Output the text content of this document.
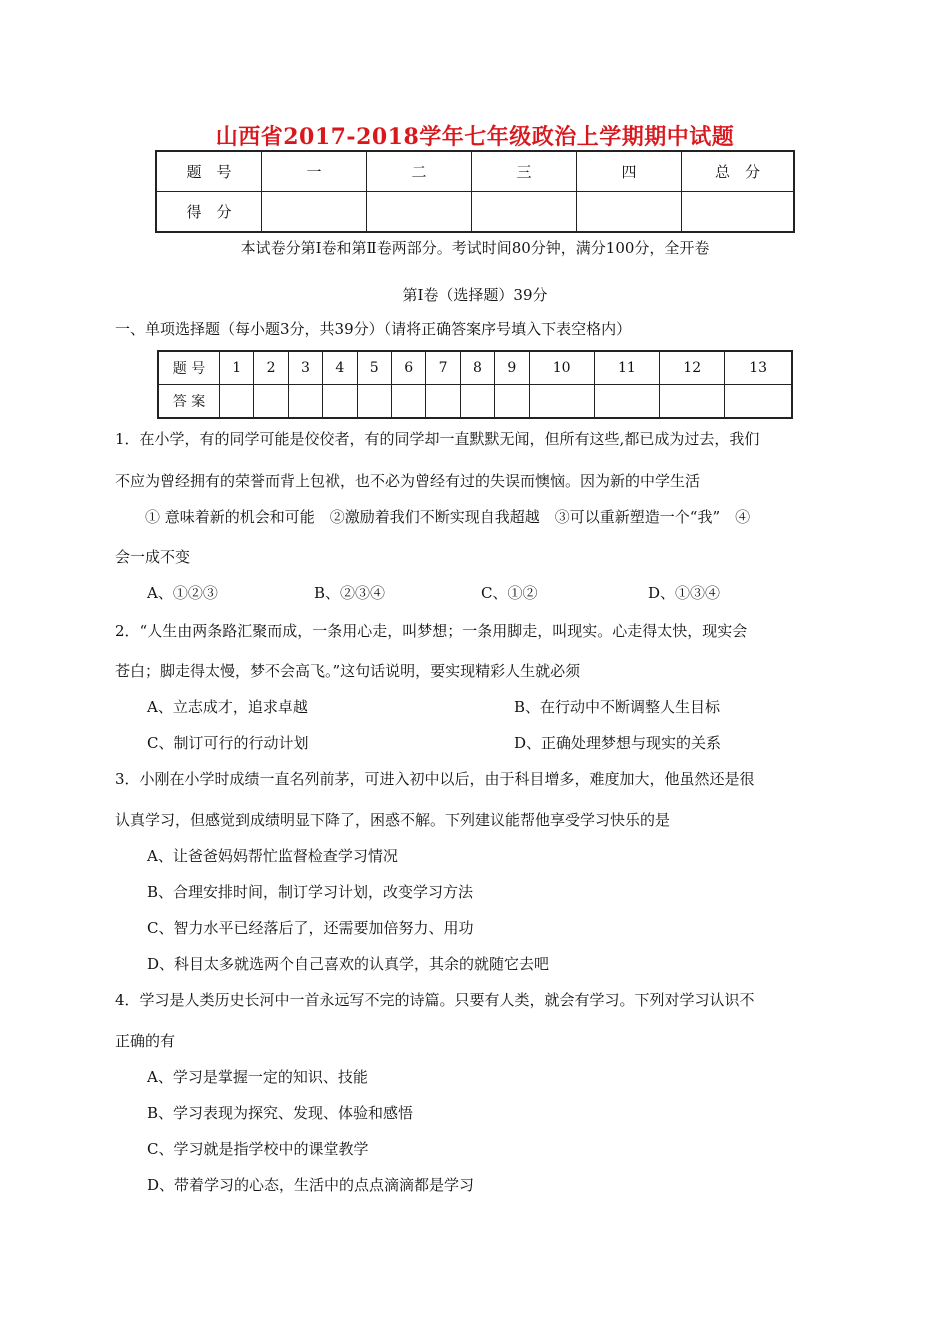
山西省2017-2018学年七年级政治上学期期中试题
题　号	一	二	三	四	总　分
得　分					
本试卷分第Ⅰ卷和第Ⅱ卷两部分。考试时间80分钟，满分100分，全开卷
第Ⅰ卷（选择题）39分
一、单项选择题（每小题3分，共39分）（请将正确答案序号填入下表空格内）
题 号	1	2	3	4	5	6	7	8	9	10	11	12	13
答 案													
1．在小学，有的同学可能是佼佼者，有的同学却一直默默无闻，但所有这些,都已成为过去，我们
不应为曾经拥有的荣誉而背上包袱，也不必为曾经有过的失误而懊恼。因为新的中学生活
① 意味着新的机会和可能　②激励着我们不断实现自我超越　③可以重新塑造一个“我”　④
会一成不变
A、①②③	B、②③④	C、①②	D、①③④
2．“人生由两条路汇聚而成，一条用心走，叫梦想；一条用脚走，叫现实。心走得太快，现实会
苍白；脚走得太慢，梦不会高飞。”这句话说明，要实现精彩人生就必须
A、立志成才，追求卓越	B、在行动中不断调整人生目标
C、制订可行的行动计划	D、正确处理梦想与现实的关系
3．小刚在小学时成绩一直名列前茅，可进入初中以后，由于科目增多，难度加大，他虽然还是很
认真学习，但感觉到成绩明显下降了，困惑不解。下列建议能帮他享受学习快乐的是
A、让爸爸妈妈帮忙监督检查学习情况
B、合理安排时间，制订学习计划，改变学习方法
C、智力水平已经落后了，还需要加倍努力、用功
D、科目太多就选两个自己喜欢的认真学，其余的就随它去吧
4．学习是人类历史长河中一首永远写不完的诗篇。只要有人类，就会有学习。下列对学习认识不
正确的有
A、学习是掌握一定的知识、技能
B、学习表现为探究、发现、体验和感悟
C、学习就是指学校中的课堂教学
D、带着学习的心态，生活中的点点滴滴都是学习
